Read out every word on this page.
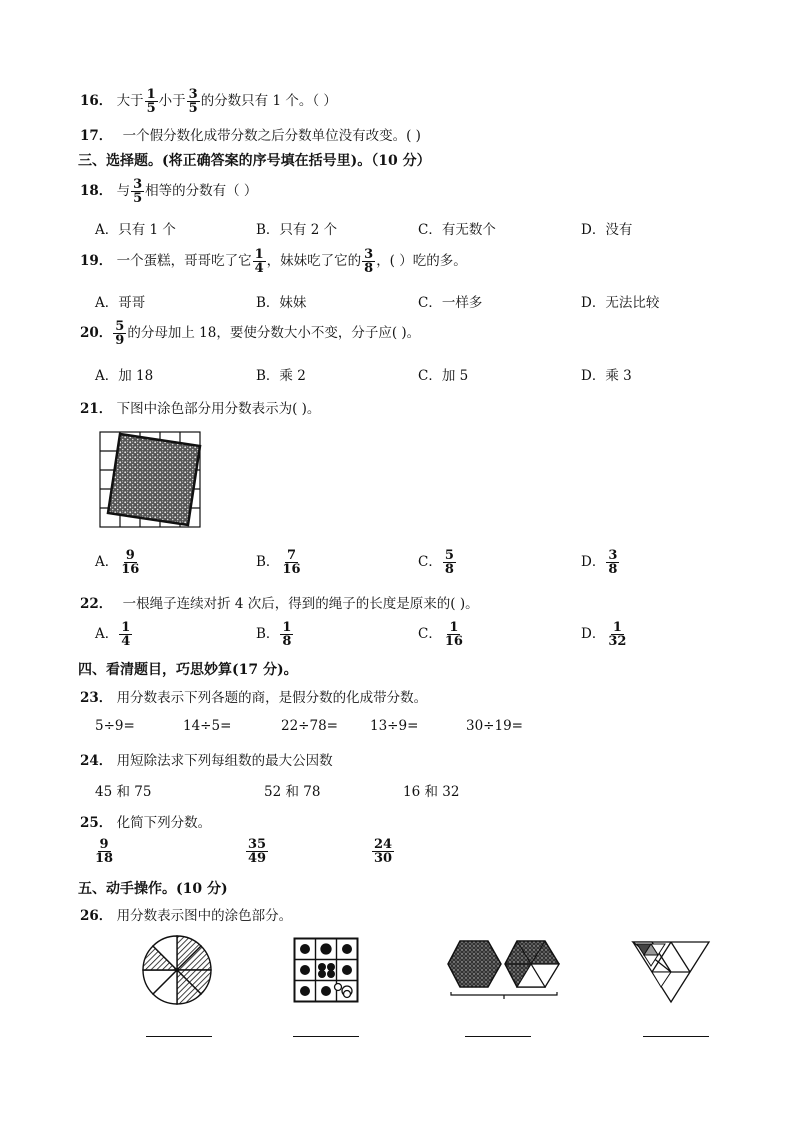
16． 大于 $\frac{1}{5}$ 小于 $\frac{3}{5}$ 的分数只有 1 个。（ ）
17． 一个假分数化成带分数之后分数单位没有改变。( )
三、选择题。(将正确答案的序号填在括号里)。（10 分）
18． 与 $\frac{3}{5}$ 相等的分数有（ ）
A．只有 1 个	B．只有 2 个	C．有无数个	D．没有
19． 一个蛋糕，哥哥吃了它 $\frac{1}{4}$ ，妹妹吃了它的 $\frac{3}{8}$ ，( ）吃的多。
A．哥哥	B．妹妹	C．一样多	D．无法比较
20． $\frac{5}{9}$ 的分母加上 18，要使分数大小不变，分子应( )。
A．加 18	B．乘 2	C．加 5	D．乘 3
21． 下图中涂色部分用分数表示为( )。
A． $\frac{9}{16}$	B． $\frac{7}{16}$	C． $\frac{5}{8}$	D． $\frac{3}{8}$
22． 一根绳子连续对折 4 次后，得到的绳子的长度是原来的( )。
A． $\frac{1}{4}$	B． $\frac{1}{8}$	C． $\frac{1}{16}$	D． $\frac{1}{32}$
四、看清题目，巧思妙算(17 分)。
23． 用分数表示下列各题的商，是假分数的化成带分数。
5÷9=	14÷5=	22÷78= 13÷9=	30÷19=
24． 用短除法求下列每组数的最大公因数
45 和 75	52 和 78	16 和 32
25． 化简下列分数。
$\frac{9}{18}$	$\frac{35}{49}$	$\frac{24}{30}$
五、动手操作。(10 分)
26． 用分数表示图中的涂色部分。
